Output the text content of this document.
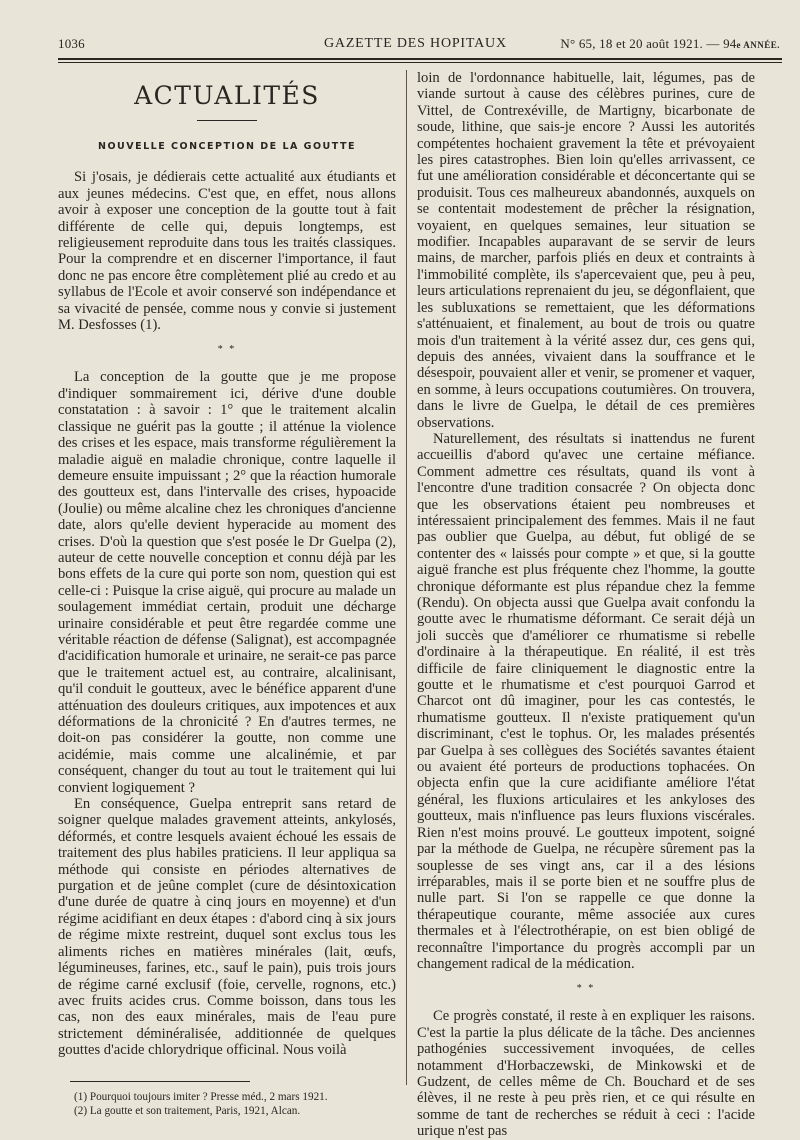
1036	GAZETTE DES HOPITAUX	N° 65, 18 et 20 août 1921. — 94e ANNÉE.
ACTUALITÉS
NOUVELLE CONCEPTION DE LA GOUTTE

Si j'osais, je dédierais cette actualité aux étudiants et aux jeunes médecins. C'est que, en effet, nous allons avoir à exposer une conception de la goutte tout à fait différente de celle qui, depuis longtemps, est religieusement reproduite dans tous les traités classiques. Pour la comprendre et en discerner l'importance, il faut donc ne pas encore être complètement plié au credo et au syllabus de l'Ecole et avoir conservé son indépendance et sa vivacité de pensée, comme nous y convie si justement M. Desfosses (1).

* *

La conception de la goutte que je me propose d'indiquer sommairement ici, dérive d'une double constatation : à savoir : 1° que le traitement alcalin classique ne guérit pas la goutte ; il atténue la violence des crises et les espace, mais transforme régulièrement la maladie aiguë en maladie chronique, contre laquelle il demeure ensuite impuissant ; 2° que la réaction humorale des goutteux est, dans l'intervalle des crises, hypoacide (Joulie) ou même alcaline chez les chroniques d'ancienne date, alors qu'elle devient hyperacide au moment des crises. D'où la question que s'est posée le Dr Guelpa (2), auteur de cette nouvelle conception et connu déjà par les bons effets de la cure qui porte son nom, question qui est celle-ci : Puisque la crise aiguë, qui procure au malade un soulagement immédiat certain, produit une décharge urinaire considérable et peut être regardée comme une véritable réaction de défense (Salignat), est accompagnée d'acidification humorale et urinaire, ne serait-ce pas parce que le traitement actuel est, au contraire, alcalinisant, qu'il conduit le goutteux, avec le bénéfice apparent d'une atténuation des douleurs critiques, aux impotences et aux déformations de la chronicité ? En d'autres termes, ne doit-on pas considérer la goutte, non comme une acidémie, mais comme une alcalinémie, et par conséquent, changer du tout au tout le traitement qui lui convient logiquement ?

En conséquence, Guelpa entreprit sans retard de soigner quelque malades gravement atteints, ankylosés, déformés, et contre lesquels avaient échoué les essais de traitement des plus habiles praticiens. Il leur appliqua sa méthode qui consiste en périodes alternatives de purgation et de jeûne complet (cure de désintoxication d'une durée de quatre à cinq jours en moyenne) et d'un régime acidifiant en deux étapes : d'abord cinq à six jours de régime mixte restreint, duquel sont exclus tous les aliments riches en matières minérales (lait, œufs, légumineuses, farines, etc., sauf le pain), puis trois jours de régime carné exclusif (foie, cervelle, rognons, etc.) avec fruits acides crus. Comme boisson, dans tous les cas, non des eaux minérales, mais de l'eau pure strictement déminéralisée, additionnée de quelques gouttes d'acide chlorydrique officinal. Nous voilà

(1) Pourquoi toujours imiter ? Presse méd., 2 mars 1921.

(2) La goutte et son traitement, Paris, 1921, Alcan.

loin de l'ordonnance habituelle, lait, légumes, pas de viande surtout à cause des célèbres purines, cure de Vittel, de Contrexéville, de Martigny, bicarbonate de soude, lithine, que sais-je encore ? Aussi les autorités compétentes hochaient gravement la tête et prévoyaient les pires catastrophes. Bien loin qu'elles arrivassent, ce fut une amélioration considérable et déconcertante qui se produisit. Tous ces malheureux abandonnés, auxquels on se contentait modestement de prêcher la résignation, voyaient, en quelques semaines, leur situation se modifier. Incapables auparavant de se servir de leurs mains, de marcher, parfois pliés en deux et contraints à l'immobilité complète, ils s'apercevaient que, peu à peu, leurs articulations reprenaient du jeu, se dégonflaient, que les subluxations se remettaient, que les déformations s'atténuaient, et finalement, au bout de trois ou quatre mois d'un traitement à la vérité assez dur, ces gens qui, depuis des années, vivaient dans la souffrance et le désespoir, pouvaient aller et venir, se promener et vaquer, en somme, à leurs occupations coutumières. On trouvera, dans le livre de Guelpa, le détail de ces premières observations.

Naturellement, des résultats si inattendus ne furent accueillis d'abord qu'avec une certaine méfiance. Comment admettre ces résultats, quand ils vont à l'encontre d'une tradition consacrée ? On objecta donc que les observations étaient peu nombreuses et intéressaient principalement des femmes. Mais il ne faut pas oublier que Guelpa, au début, fut obligé de se contenter des « laissés pour compte » et que, si la goutte aiguë franche est plus fréquente chez l'homme, la goutte chronique déformante est plus répandue chez la femme (Rendu). On objecta aussi que Guelpa avait confondu la goutte avec le rhumatisme déformant. Ce serait déjà un joli succès que d'améliorer ce rhumatisme si rebelle d'ordinaire à la thérapeutique. En réalité, il est très difficile de faire cliniquement le diagnostic entre la goutte et le rhumatisme et c'est pourquoi Garrod et Charcot ont dû imaginer, pour les cas contestés, le rhumatisme goutteux. Il n'existe pratiquement qu'un discriminant, c'est le tophus. Or, les malades présentés par Guelpa à ses collègues des Sociétés savantes étaient ou avaient été porteurs de productions tophacées. On objecta enfin que la cure acidifiante améliore l'état général, les fluxions articulaires et les ankyloses des goutteux, mais n'influence pas leurs fluxions viscérales. Rien n'est moins prouvé. Le goutteux impotent, soigné par la méthode de Guelpa, ne récupère sûrement pas la souplesse de ses vingt ans, car il a des lésions irréparables, mais il se porte bien et ne souffre plus de nulle part. Si l'on se rappelle ce que donne la thérapeutique courante, même associée aux cures thermales et à l'électrothérapie, on est bien obligé de reconnaître l'importance du progrès accompli par un changement radical de la médication.

* *

Ce progrès constaté, il reste à en expliquer les raisons. C'est la partie la plus délicate de la tâche. Des anciennes pathogénies successivement invoquées, de celles notamment d'Horbaczewski, de Minkowski et de Gudzent, de celles même de Ch. Bouchard et de ses élèves, il ne reste à peu près rien, et ce qui résulte en somme de tant de recherches se réduit à ceci : l'acide urique n'est pas
